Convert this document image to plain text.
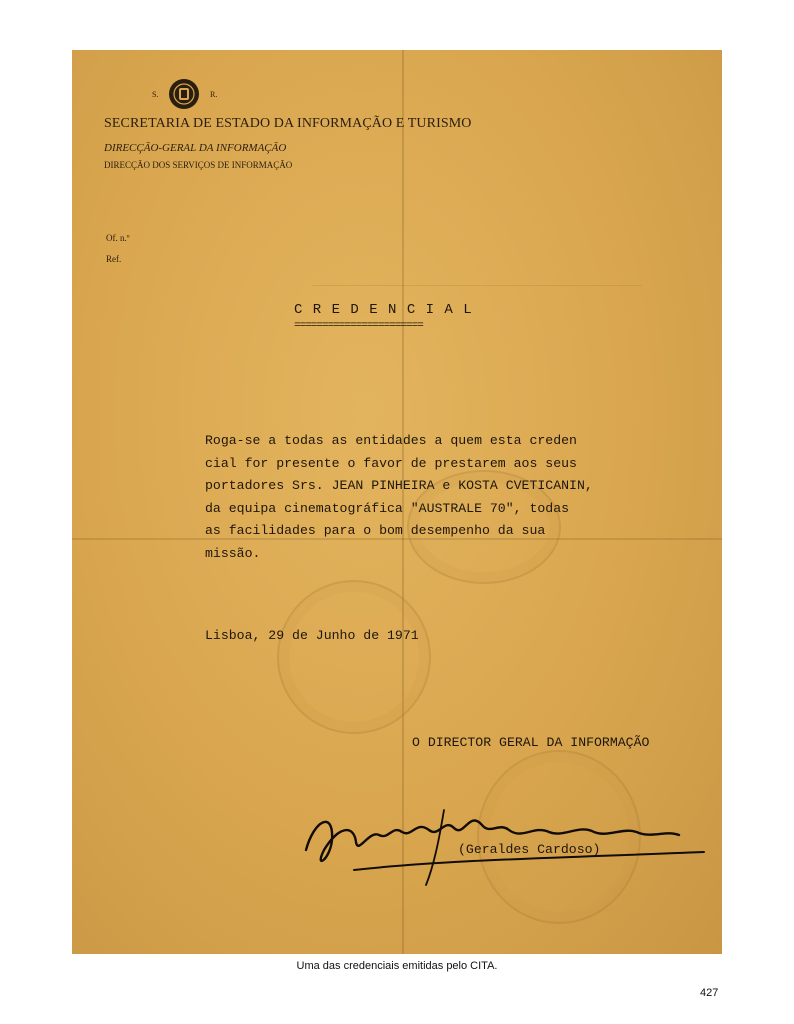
S.	R.
SECRETARIA DE ESTADO DA INFORMAÇÃO E TURISMO
DIRECÇÃO-GERAL DA INFORMAÇÃO
DIRECÇÃO DOS SERVIÇOS DE INFORMAÇÃO
Of. n.º
Ref.
C R E D E N C I A L
=======================
Roga-se a todas as entidades a quem esta creden
cial for presente o favor de prestarem aos seus
portadores Srs. JEAN PINHEIRA e KOSTA CVETICANIN,
da equipa cinematográfica "AUSTRALE 70", todas
as facilidades para o bom desempenho da sua
missão.
Lisboa, 29 de Junho de 1971
O DIRECTOR GERAL DA INFORMAÇÃO
(Geraldes Cardoso)
Uma das credenciais emitidas pelo CITA.
427
